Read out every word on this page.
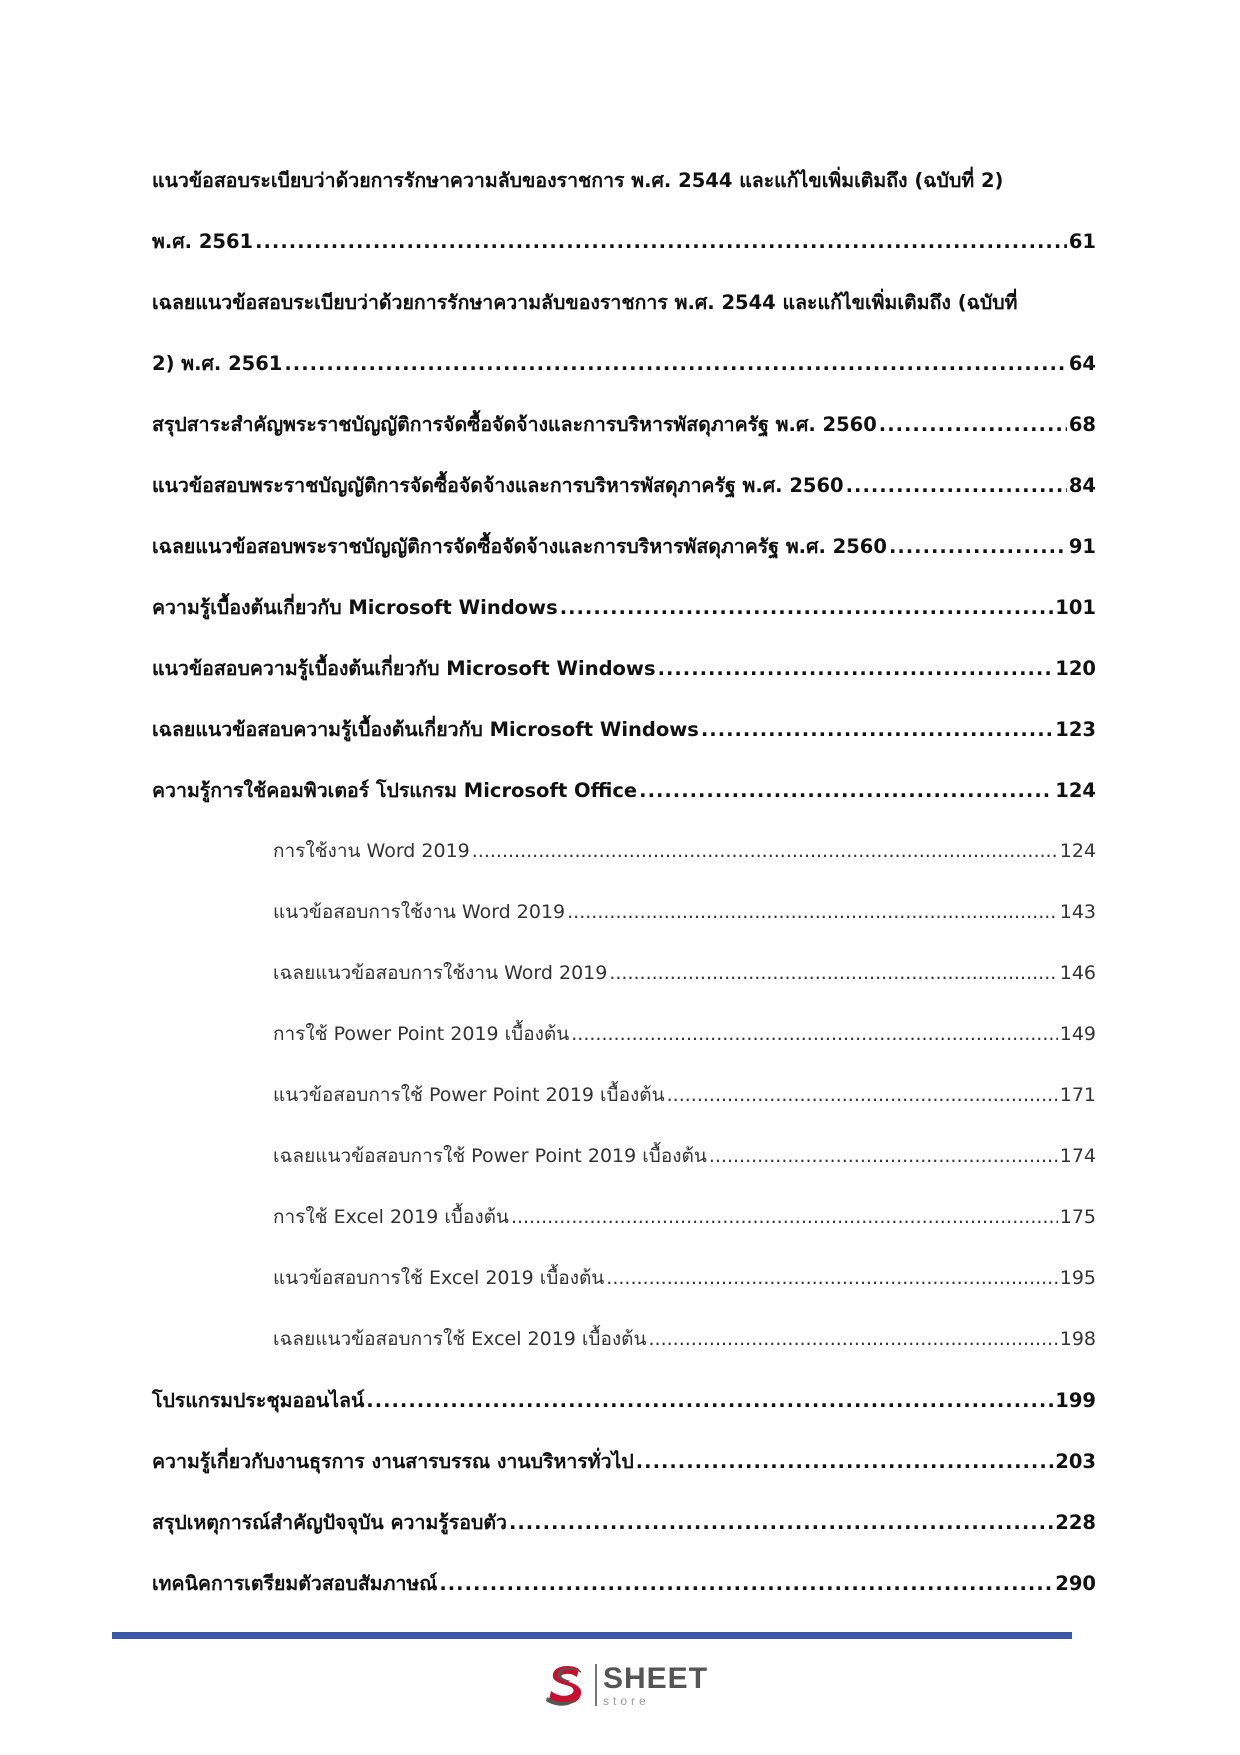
แนวข้อสอบระเบียบว่าด้วยการรักษาความลับของราชการ พ.ศ. 2544 และแก้ไขเพิ่มเติมถึง (ฉบับที่ 2)
พ.ศ. 2561 .....	61
เฉลยแนวข้อสอบระเบียบว่าด้วยการรักษาความลับของราชการ พ.ศ. 2544 และแก้ไขเพิ่มเติมถึง (ฉบับที่
2) พ.ศ. 2561 .....	64
สรุปสาระสำคัญพระราชบัญญัติการจัดซื้อจัดจ้างและการบริหารพัสดุภาครัฐ พ.ศ. 2560 .....	68
แนวข้อสอบพระราชบัญญัติการจัดซื้อจัดจ้างและการบริหารพัสดุภาครัฐ พ.ศ. 2560 .....	84
เฉลยแนวข้อสอบพระราชบัญญัติการจัดซื้อจัดจ้างและการบริหารพัสดุภาครัฐ พ.ศ. 2560 .....	91
ความรู้เบื้องต้นเกี่ยวกับ Microsoft Windows .....	101
แนวข้อสอบความรู้เบื้องต้นเกี่ยวกับ Microsoft Windows .....	120
เฉลยแนวข้อสอบความรู้เบื้องต้นเกี่ยวกับ Microsoft Windows .....	123
ความรู้การใช้คอมพิวเตอร์ โปรแกรม Microsoft Office .....	124
การใช้งาน Word 2019 .....	124
แนวข้อสอบการใช้งาน Word 2019 .....	143
เฉลยแนวข้อสอบการใช้งาน Word 2019 .....	146
การใช้ Power Point 2019 เบื้องต้น .....	149
แนวข้อสอบการใช้ Power Point 2019 เบื้องต้น .....	171
เฉลยแนวข้อสอบการใช้ Power Point 2019 เบื้องต้น .....	174
การใช้ Excel 2019 เบื้องต้น .....	175
แนวข้อสอบการใช้ Excel 2019 เบื้องต้น .....	195
เฉลยแนวข้อสอบการใช้ Excel 2019 เบื้องต้น .....	198
โปรแกรมประชุมออนไลน์ .....	199
ความรู้เกี่ยวกับงานธุรการ งานสารบรรณ งานบริหารทั่วไป .....	203
สรุปเหตุการณ์สำคัญปัจจุบัน ความรู้รอบตัว .....	228
เทคนิคการเตรียมตัวสอบสัมภาษณ์ .....	290
SHEET
store
